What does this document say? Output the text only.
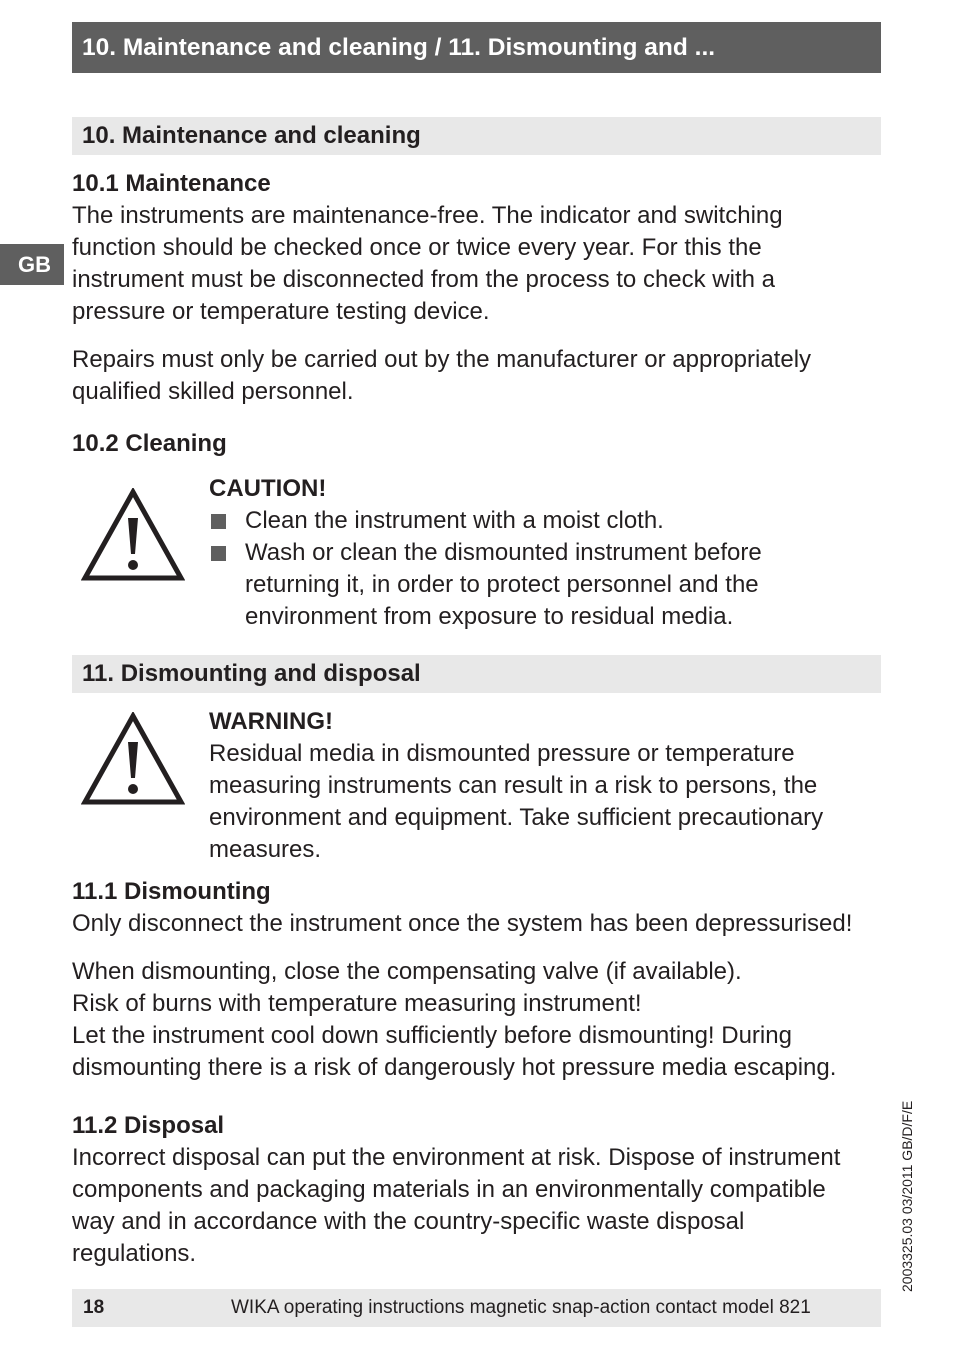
10. Maintenance and cleaning / 11. Dismounting and ...
GB
10. Maintenance and cleaning
10.1 Maintenance
The instruments are maintenance-free. The indicator and switching
function should be checked once or twice every year. For this the
instrument must be disconnected from the process to check with a
pressure or temperature testing device.
Repairs must only be carried out by the manufacturer or appropriately
qualified skilled personnel.
10.2 Cleaning
CAUTION!
Clean the instrument with a moist cloth.
Wash or clean the dismounted instrument before
returning it, in order to protect personnel and the
environment from exposure to residual media.
11. Dismounting and disposal
WARNING!
Residual media in dismounted pressure or temperature
measuring instruments can result in a risk to persons, the
environment and equipment. Take sufficient precautionary
measures.
11.1 Dismounting
Only disconnect the instrument once the system has been depressurised!
When dismounting, close the compensating valve (if available).
Risk of burns with temperature measuring instrument!
Let the instrument cool down sufficiently before dismounting! During
dismounting there is a risk of dangerously hot pressure media escaping.
11.2 Disposal
Incorrect disposal can put the environment at risk. Dispose of instrument
components and packaging materials in an environmentally compatible
way and in accordance with the country-specific waste disposal
regulations.	2003325.03 03/2011 GB/D/F/E
18	WIKA operating instructions magnetic snap-action contact model 821
